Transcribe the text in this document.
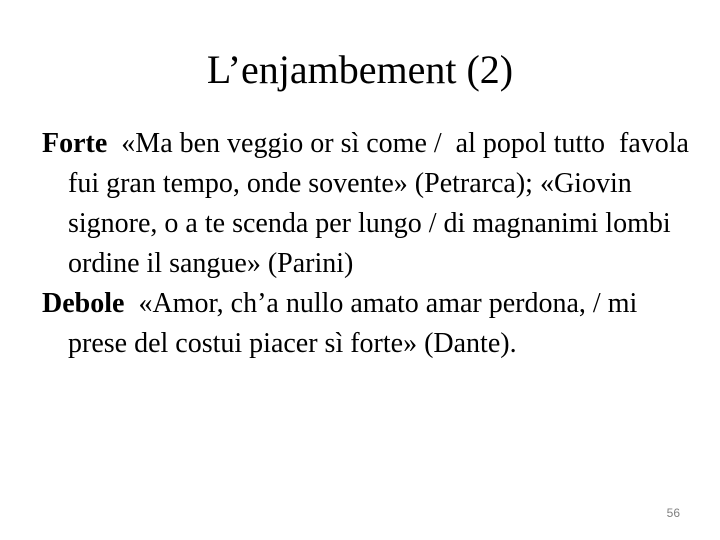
L’enjambement (2)

Forte  «Ma ben veggio or sì come /  al popol tutto  favola fui gran tempo, onde sovente» (Petrarca); «Giovin signore, o a te scenda per lungo / di magnanimi lombi ordine il sangue» (Parini)

Debole  «Amor, ch’a nullo amato amar perdona, / mi prese del costui piacer sì forte» (Dante).

56
